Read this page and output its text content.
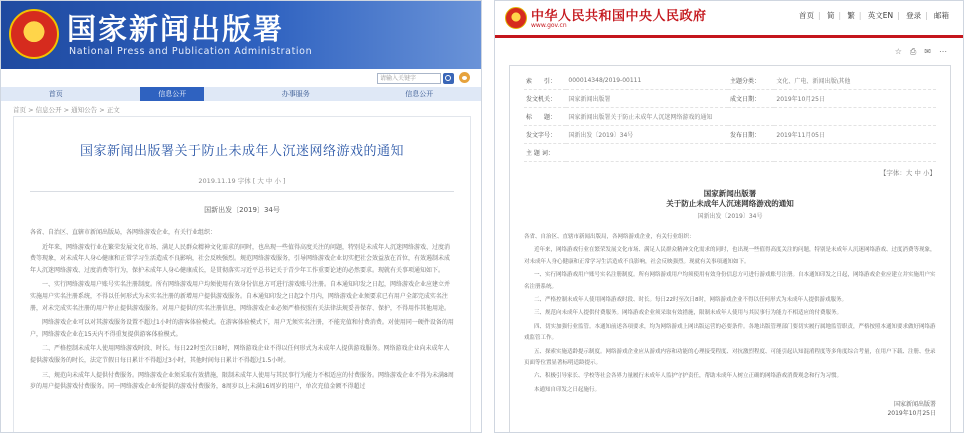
★ 国家新闻出版署
National Press and Publication Administration
请输入关键字
首页	信息公开	办事服务	信息公开
首页 > 信息公开 > 通知公告 > 正文
国家新闻出版署关于防止未成年人沉迷网络游戏的通知
2019.11.19 字体 [ 大 中 小 ]
国新出发〔2019〕34号

各省、自治区、直辖市新闻出版局，各网络游戏企业，有关行业组织：

近年来，网络游戏行业在繁荣发展文化市场、满足人民群众精神文化需求的同时，也出现一些值得高度关注的问题，特别是未成年人沉迷网络游戏、过度消费等现象，对未成年人身心健康和正常学习生活造成不良影响，社会反映强烈。规范网络游戏服务，引导网络游戏企业切实把社会效益放在首位，有效遏制未成年人沉迷网络游戏、过度消费等行为，保护未成年人身心健康成长，是贯彻落实习近平总书记关于青少年工作重要论述的必然要求。现就有关事项通知如下。

一、实行网络游戏用户账号实名注册制度。所有网络游戏用户均须使用有效身份信息方可进行游戏账号注册。自本通知印发之日起，网络游戏企业应建立并实施用户实名注册系统，不得以任何形式为未实名注册的新增用户提供游戏服务。自本通知印发之日起2个月内，网络游戏企业须要求已有用户全部完成实名注册，对未完成实名注册的用户停止提供游戏服务。对用户提供的实名注册信息，网络游戏企业必须严格按照有关法律法规妥善保存、保护，不得用作其他用途。

网络游戏企业可以对其游戏服务设置不超过1小时的游客体验模式。在游客体验模式下，用户无须实名注册，不能充值和付费消费。对使用同一硬件设备的用户，网络游戏企业在15天内不得重复提供游客体验模式。

二、严格控制未成年人使用网络游戏时段、时长。每日22时至次日8时，网络游戏企业不得以任何形式为未成年人提供游戏服务。网络游戏企业向未成年人提供游戏服务的时长，法定节假日每日累计不得超过3小时，其他时间每日累计不得超过1.5小时。

三、规范向未成年人提供付费服务。网络游戏企业须采取有效措施，限制未成年人使用与其民事行为能力不相适应的付费服务。网络游戏企业不得为未满8周岁的用户提供游戏付费服务。同一网络游戏企业所提供的游戏付费服务，8周岁以上未满16周岁的用户，单次充值金额不得超过

中华人民共和国中央人民政府
www.gov.cn
首页 | 简 | 繁 | 英文EN | 登录 | 邮箱
☆ ⎙ ✉ ⋯
索　　引：	000014348/2019-00111	主题分类：	文化、广电、新闻出版\其他
发文机关：	国家新闻出版署	成文日期：	2019年10月25日
标　　题：	国家新闻出版署关于防止未成年人沉迷网络游戏的通知		
发文字号：	国新出发〔2019〕34号	发布日期：	2019年11月05日
主 题 词：			
【字体：大 中 小】
国家新闻出版署
关于防止未成年人沉迷网络游戏的通知
国新出发〔2019〕34号

各省、自治区、直辖市新闻出版局，各网络游戏企业，有关行业组织：

近年来，网络游戏行业在繁荣发展文化市场、满足人民群众精神文化需求的同时，也出现一些值得高度关注的问题，特别是未成年人沉迷网络游戏、过度消费等现象，对未成年人身心健康和正常学习生活造成不良影响，社会反映强烈。现就有关事项通知如下。

一、实行网络游戏用户账号实名注册制度。所有网络游戏用户均须使用有效身份信息方可进行游戏账号注册。自本通知印发之日起，网络游戏企业应建立并实施用户实名注册系统。

二、严格控制未成年人使用网络游戏时段、时长。每日22时至次日8时，网络游戏企业不得以任何形式为未成年人提供游戏服务。

三、规范向未成年人提供付费服务。网络游戏企业须采取有效措施，限制未成年人使用与其民事行为能力不相适应的付费服务。

四、切实加强行业监管。本通知前述各项要求，均为网络游戏上网出版运营的必要条件。各地出版管理部门要切实履行属地监管职责，严格按照本通知要求做好网络游戏监管工作。

五、探索实施适龄提示制度。网络游戏企业应从游戏内容和功能的心理接受程度、对抗激烈程度、可能引起认知混淆程度等多角度综合考量，在用户下载、注册、登录页面等位置显著标明适龄提示。

六、积极引导家长、学校等社会各界力量履行未成年人监护守护责任，帮助未成年人树立正确的网络游戏消费观念和行为习惯。

本通知自印发之日起施行。

国家新闻出版署
2019年10月25日
